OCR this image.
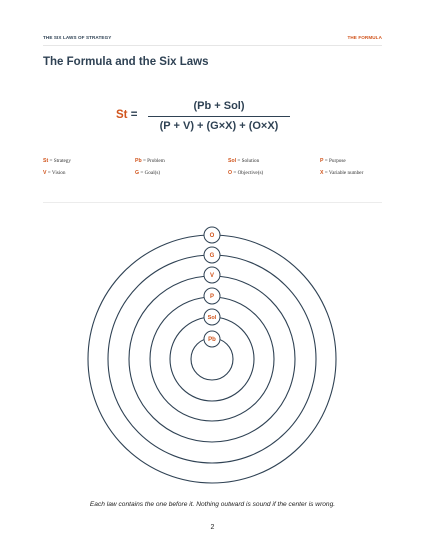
THE SIX LAWS OF STRATEGY	THE FORMULA
The Formula and the Six Laws
St =
(Pb + Sol)
(P + V) + (G×X) + (O×X)
St = Strategy	Pb = Problem	Sol = Solution	P = Purpose
V = Vision	G = Goal(s)	O = Objective(s)	X = Variable number
Pb
Sol
P
V
G
O
Each law contains the one before it. Nothing outward is sound if the center is wrong.
2
